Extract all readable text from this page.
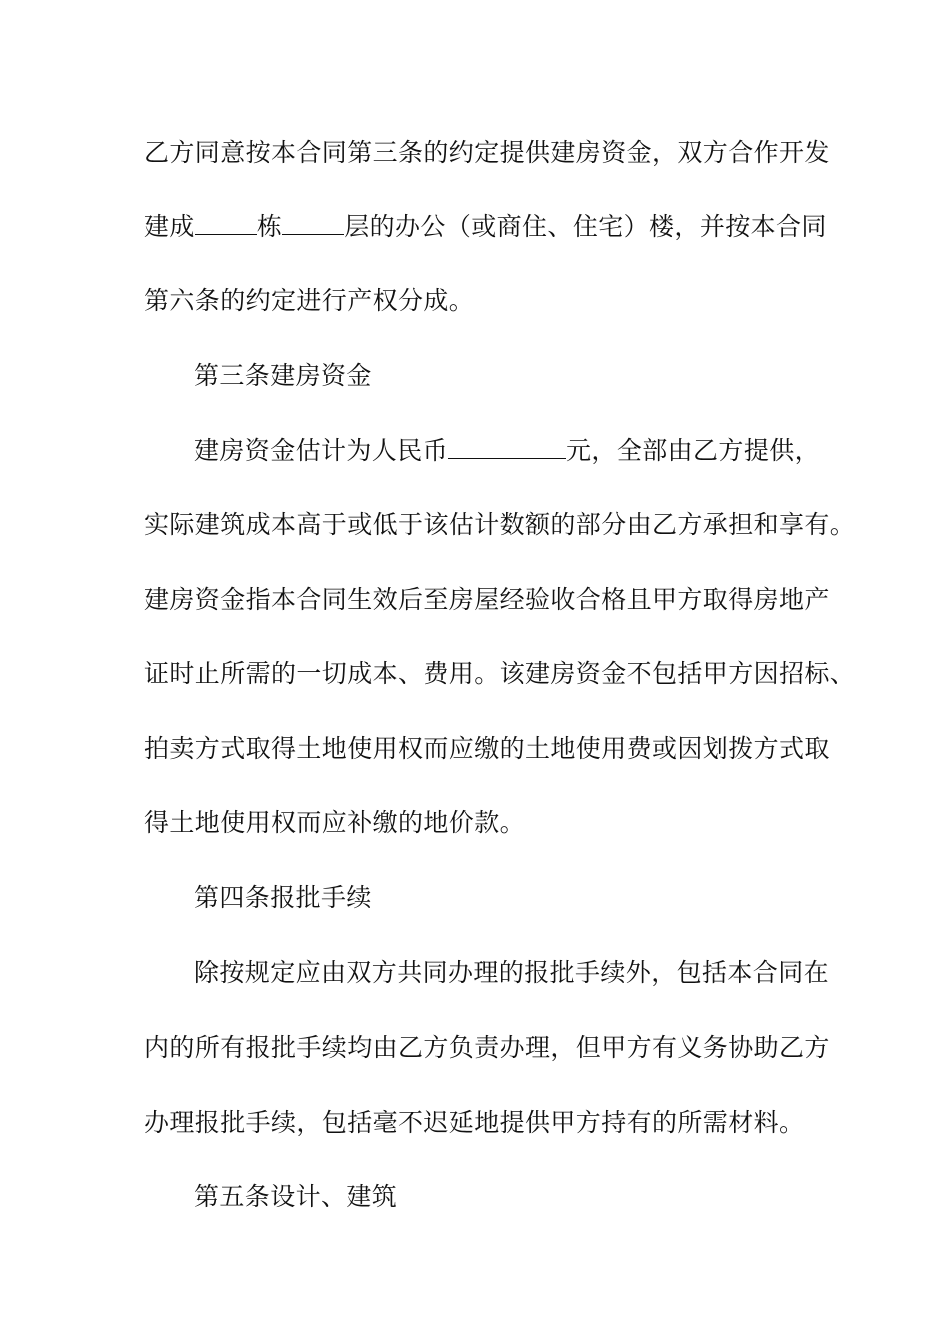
乙方同意按本合同第三条的约定提供建房资金，双方合作开发
建成 栋 层的办公（或商住、住宅）楼，并按本合同
第六条的约定进行产权分成。
第三条建房资金
建房资金估计为人民币	元，全部由乙方提供，
实际建筑成本高于或低于该估计数额的部分由乙方承担和享有。
建房资金指本合同生效后至房屋经验收合格且甲方取得房地产
证时止所需的一切成本、费用。该建房资金不包括甲方因招标、
拍卖方式取得土地使用权而应缴的土地使用费或因划拨方式取
得土地使用权而应补缴的地价款。
第四条报批手续
除按规定应由双方共同办理的报批手续外，包括本合同在
内的所有报批手续均由乙方负责办理，但甲方有义务协助乙方
办理报批手续，包括毫不迟延地提供甲方持有的所需材料。
第五条设计、建筑
